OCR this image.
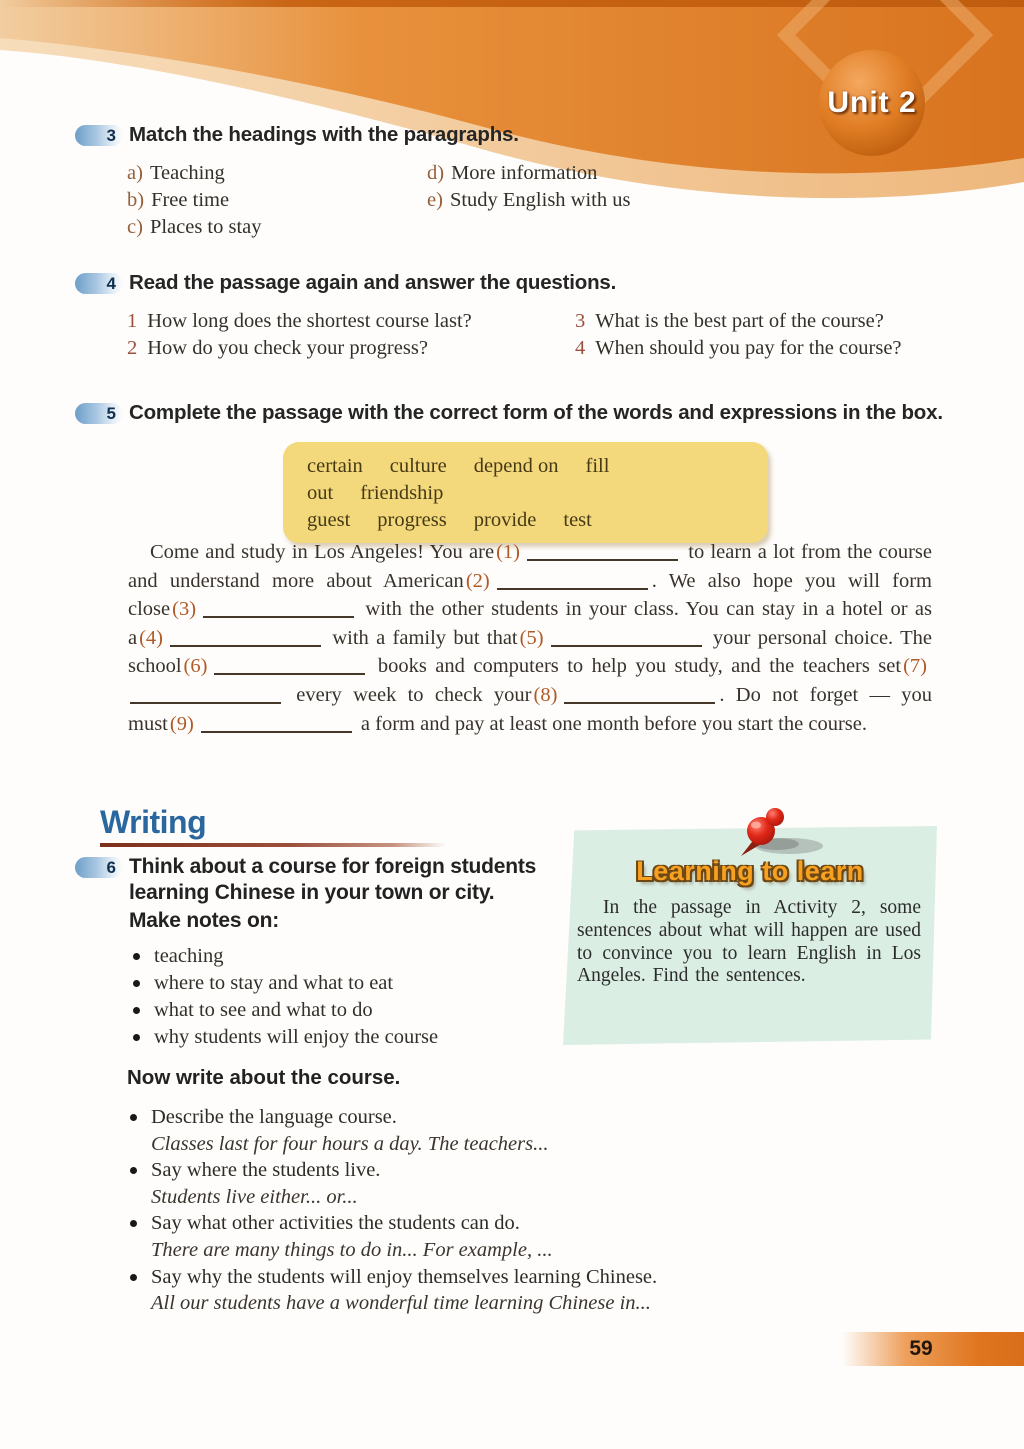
Unit 2
3 Match the headings with the paragraphs.
a) Teaching
b) Free time
c) Places to stay
d) More information
e) Study English with us
4 Read the passage again and answer the questions.
1 How long does the shortest course last?
2 How do you check your progress?
3 What is the best part of the course?
4 When should you pay for the course?
5 Complete the passage with the correct form of the words and expressions in the box.
certain culture depend on fill out friendship
guest progress provide test
Come and study in Los Angeles! You are(1)	to learn a lot from the course and understand more about American(2)	. We also hope you will form close(3)	with the other students in your class. You can stay in a hotel or as a(4)	with a family but that(5)	your personal choice. The school(6)	books and computers to help you study, and the teachers set(7) every week to check your(8)	. Do not forget — you must(9)	a form and pay at least one month before you start the course.
Writing
6 Think about a course for foreign students learning Chinese in your town or city.
Make notes on:
teaching
where to stay and what to eat
what to see and what to do
why students will enjoy the course
Learning to learn
In the passage in Activity 2, some sentences about what will happen are used to convince you to learn English in Los Angeles. Find the sentences.
Now write about the course.
Describe the language course.
Classes last for four hours a day. The teachers...
Say where the students live.
Students live either... or...
Say what other activities the students can do.
There are many things to do in... For example, ...
Say why the students will enjoy themselves learning Chinese.
All our students have a wonderful time learning Chinese in...
59
